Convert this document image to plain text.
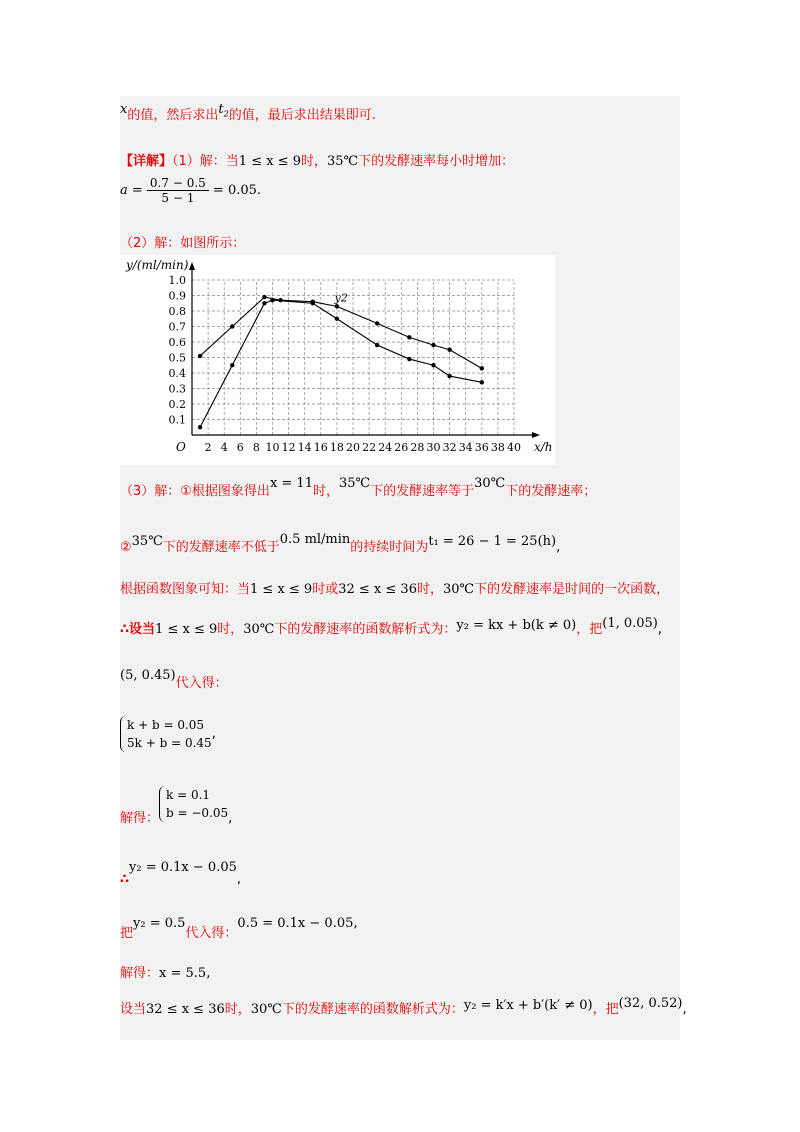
x的值，然后求出$t_2$的值，最后求出结果即可.
【详解】（1）解：当1 ≤ x ≤ 9时，35℃下的发酵速率每小时增加：
$a = \frac{0.7 - 0.5}{5 - 1} = 0.05$.
（2）解：如图所示：
2 4 6 8 10 12 14 16 18 20 22 24 26 28 30 32 34 36 38 40
0.1
0.2
0.3
0.4
0.5
0.6
0.7
0.8
0.9
1.0
O
y/(ml/min)
x/h
y2
（3）解：①根据图象得出x = 11时，35℃下的发酵速率等于30℃下的发酵速率；
②35℃下的发酵速率不低于0.5 ml/min的持续时间为t₁ = 26 − 1 = 25(h),
根据函数图象可知：当1 ≤ x ≤ 9时或32 ≤ x ≤ 36时，30℃下的发酵速率是时间的一次函数，
∴设当1 ≤ x ≤ 9时，30℃下的发酵速率的函数解析式为：y₂ = kx + b(k ≠ 0)，把(1, 0.05),
(5, 0.45)代入得：
k + b = 0.05
5k + b = 0.45
,
解得：
k = 0.1
b = −0.05 ,
∴y₂ = 0.1x − 0.05,
把y₂ = 0.5代入得：0.5 = 0.1x − 0.05,
解得：x = 5.5,
设当32 ≤ x ≤ 36时，30℃下的发酵速率的函数解析式为：y₂ = k′x + b′(k′ ≠ 0)，把(32, 0.52),
